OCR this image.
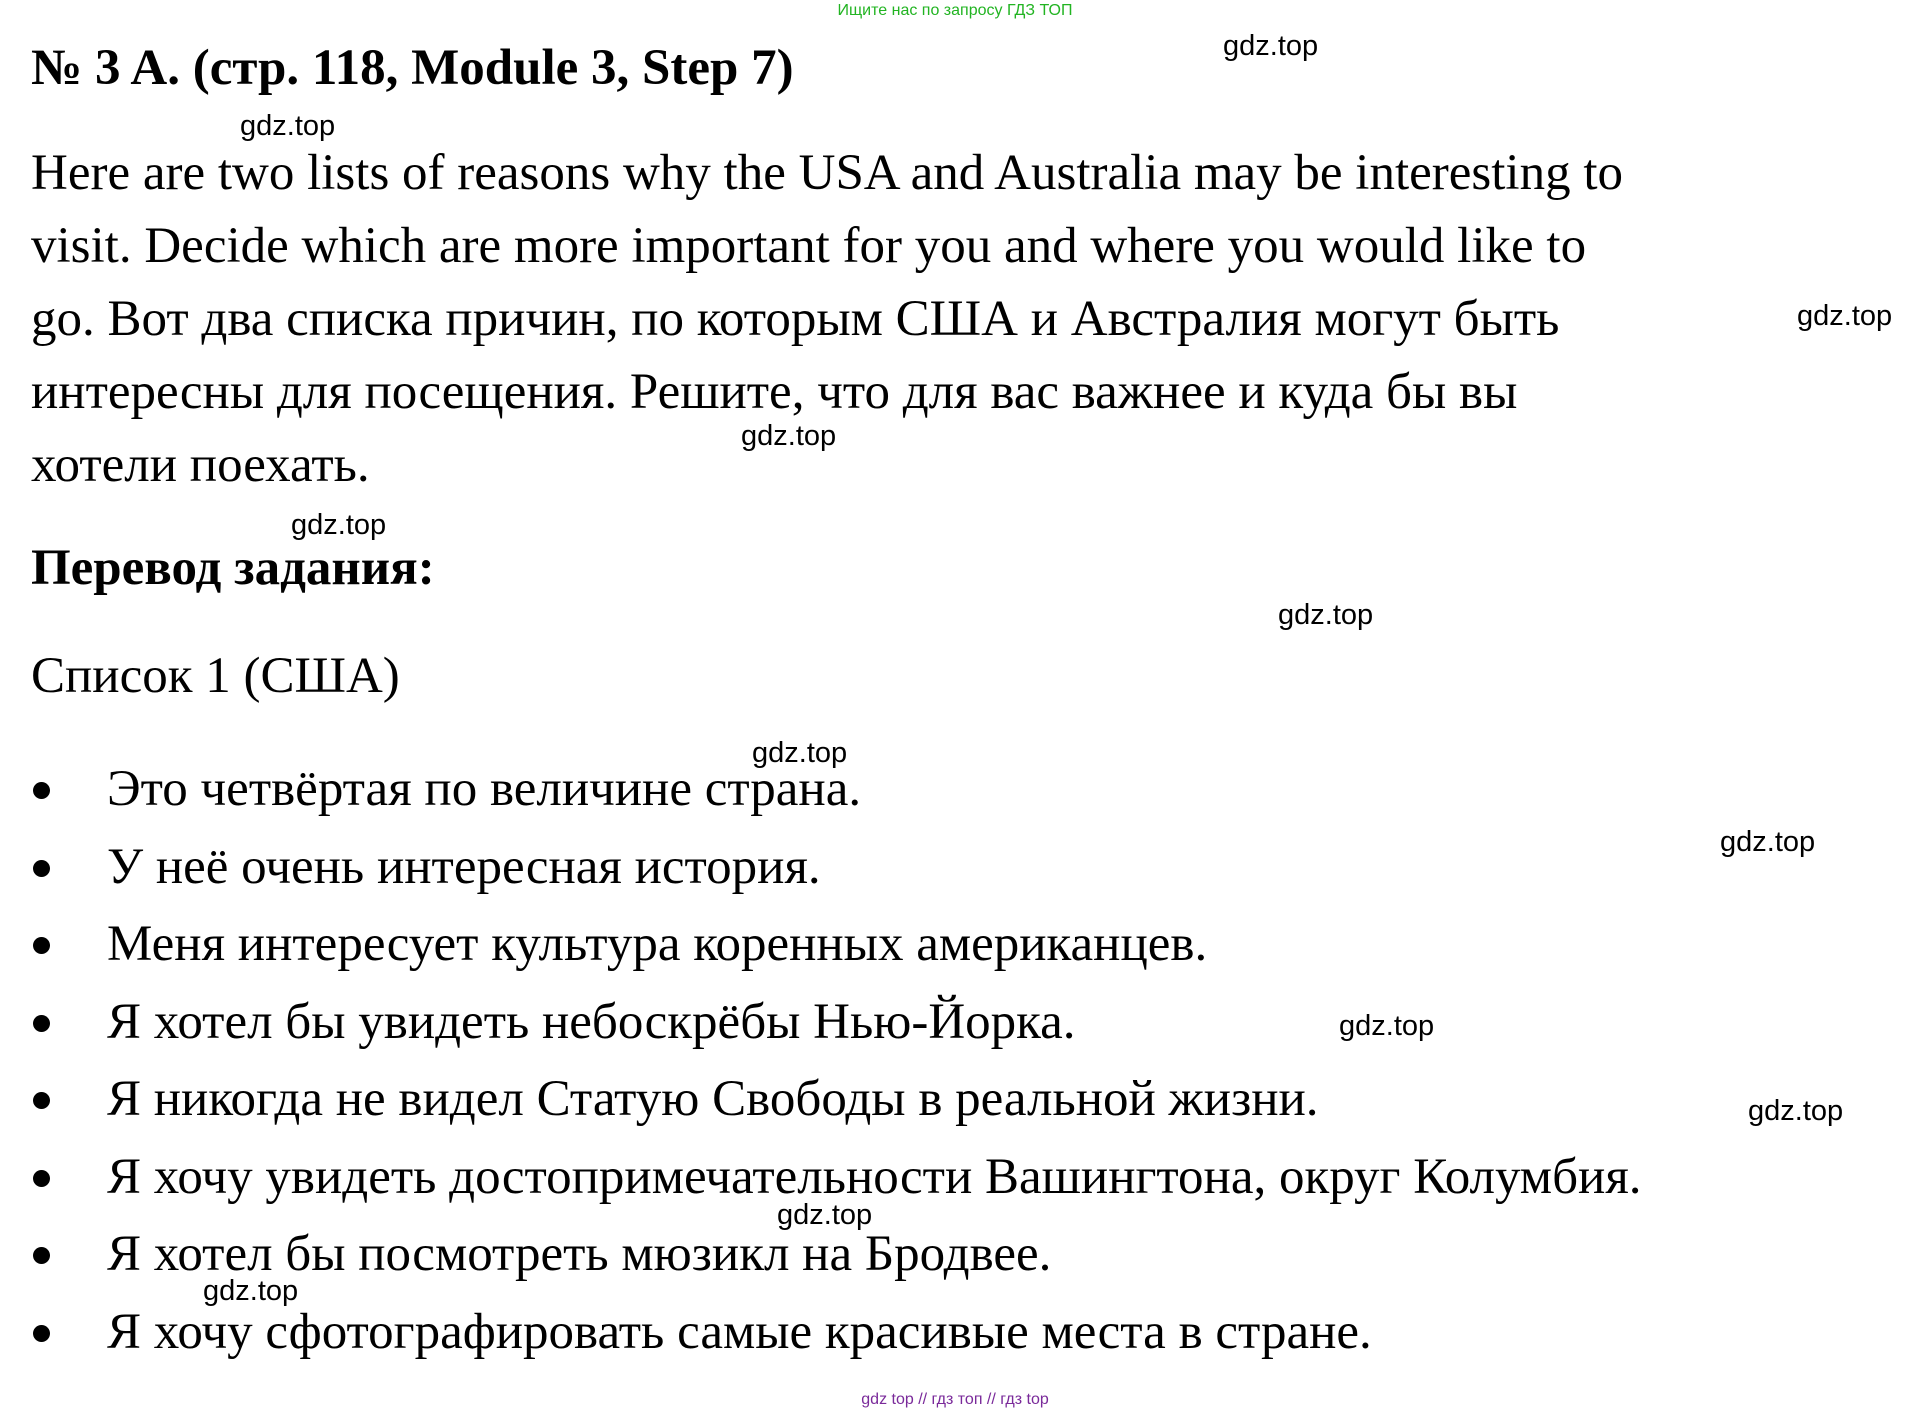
Ищите нас по запросу ГДЗ ТОП
№ 3 A. (стр. 118, Module 3, Step 7)
Here are two lists of reasons why the USA and Australia may be interesting to
visit. Decide which are more important for you and where you would like to
go. Вот два списка причин, по которым США и Австралия могут быть
интересны для посещения. Решите, что для вас важнее и куда бы вы
хотели поехать.
Перевод задания:
Список 1 (США)
Это четвёртая по величине страна.
У неё очень интересная история.
Меня интересует культура коренных американцев.
Я хотел бы увидеть небоскрёбы Нью-Йорка.
Я никогда не видел Статую Свободы в реальной жизни.
Я хочу увидеть достопримечательности Вашингтона, округ Колумбия.
Я хотел бы посмотреть мюзикл на Бродвее.
Я хочу сфотографировать самые красивые места в стране.
gdz.top
gdz.top
gdz.top
gdz.top
gdz.top
gdz.top
gdz.top
gdz.top
gdz.top
gdz.top
gdz.top
gdz.top
gdz top // гдз топ // гдз top
